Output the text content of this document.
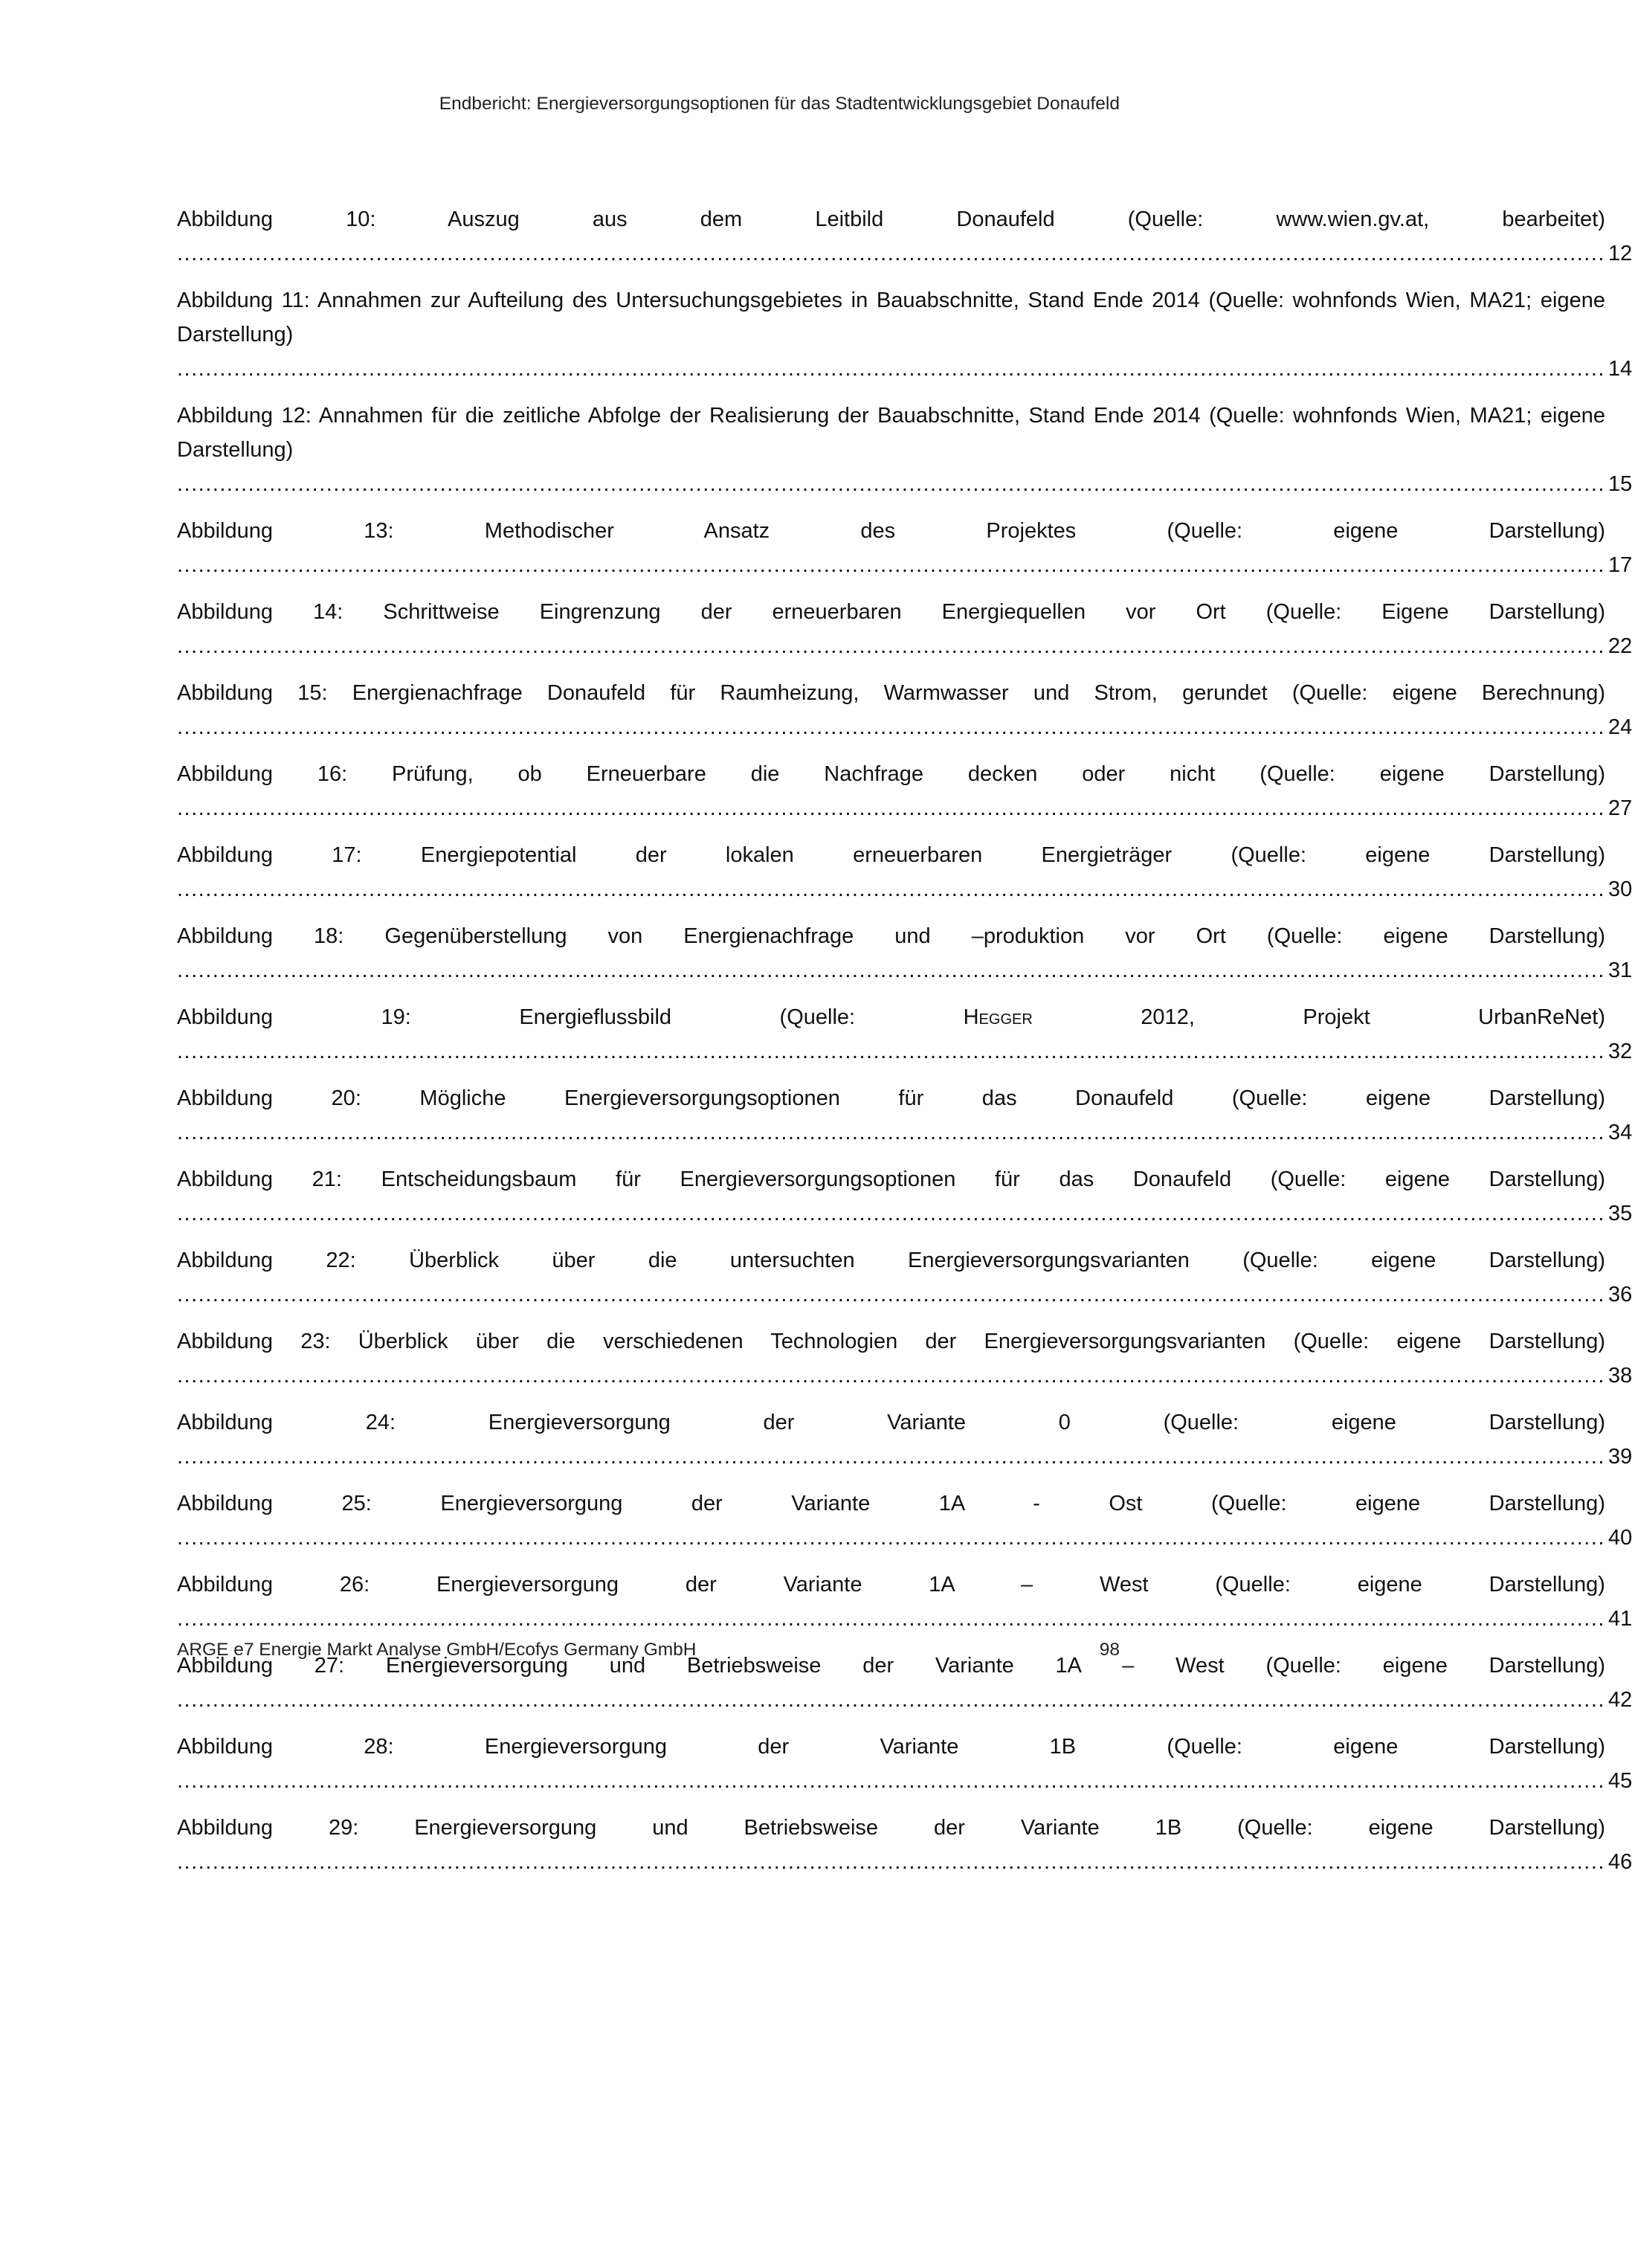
Endbericht: Energieversorgungsoptionen für das Stadtentwicklungsgebiet Donaufeld
Abbildung 10: Auszug aus dem Leitbild Donaufeld (Quelle: www.wien.gv.at, bearbeitet) ......................................................................................................................................................................................................... 12
Abbildung 11: Annahmen zur Aufteilung des Untersuchungsgebietes in Bauabschnitte, Stand Ende 2014 (Quelle: wohnfonds Wien, MA21; eigene Darstellung) ......................................................................................................................................................................................................... 14
Abbildung 12: Annahmen für die zeitliche Abfolge der Realisierung der Bauabschnitte, Stand Ende 2014 (Quelle: wohnfonds Wien, MA21; eigene Darstellung) ......................................................................................................................................................................................................... 15
Abbildung 13: Methodischer Ansatz des Projektes (Quelle: eigene Darstellung) ......................................................................................................................................................................................................... 17
Abbildung 14: Schrittweise Eingrenzung der erneuerbaren Energiequellen vor Ort (Quelle: Eigene Darstellung) ......................................................................................................................................................................................................... 22
Abbildung 15: Energienachfrage Donaufeld für Raumheizung, Warmwasser und Strom, gerundet (Quelle: eigene Berechnung) ......................................................................................................................................................................................................... 24
Abbildung 16: Prüfung, ob Erneuerbare die Nachfrage decken oder nicht (Quelle: eigene Darstellung) ......................................................................................................................................................................................................... 27
Abbildung 17: Energiepotential der lokalen erneuerbaren Energieträger (Quelle: eigene Darstellung) ......................................................................................................................................................................................................... 30
Abbildung 18: Gegenüberstellung von Energienachfrage und –produktion vor Ort (Quelle: eigene Darstellung) ......................................................................................................................................................................................................... 31
Abbildung 19: Energieflussbild (Quelle: Hegger 2012, Projekt UrbanReNet) ......................................................................................................................................................................................................... 32
Abbildung 20: Mögliche Energieversorgungsoptionen für das Donaufeld (Quelle: eigene Darstellung) ......................................................................................................................................................................................................... 34
Abbildung 21: Entscheidungsbaum für Energieversorgungsoptionen für das Donaufeld (Quelle: eigene Darstellung) ......................................................................................................................................................................................................... 35
Abbildung 22: Überblick über die untersuchten Energieversorgungsvarianten (Quelle: eigene Darstellung) ......................................................................................................................................................................................................... 36
Abbildung 23: Überblick über die verschiedenen Technologien der Energieversorgungsvarianten (Quelle: eigene Darstellung) ......................................................................................................................................................................................................... 38
Abbildung 24: Energieversorgung der Variante 0 (Quelle: eigene Darstellung) ......................................................................................................................................................................................................... 39
Abbildung 25: Energieversorgung der Variante 1A - Ost (Quelle: eigene Darstellung) ......................................................................................................................................................................................................... 40
Abbildung 26: Energieversorgung der Variante 1A – West (Quelle: eigene Darstellung) ......................................................................................................................................................................................................... 41
Abbildung 27: Energieversorgung und Betriebsweise der Variante 1A – West (Quelle: eigene Darstellung) ......................................................................................................................................................................................................... 42
Abbildung 28: Energieversorgung der Variante 1B (Quelle: eigene Darstellung) ......................................................................................................................................................................................................... 45
Abbildung 29: Energieversorgung und Betriebsweise der Variante 1B (Quelle: eigene Darstellung) ......................................................................................................................................................................................................... 46
ARGE e7 Energie Markt Analyse GmbH/Ecofys Germany GmbH	98
